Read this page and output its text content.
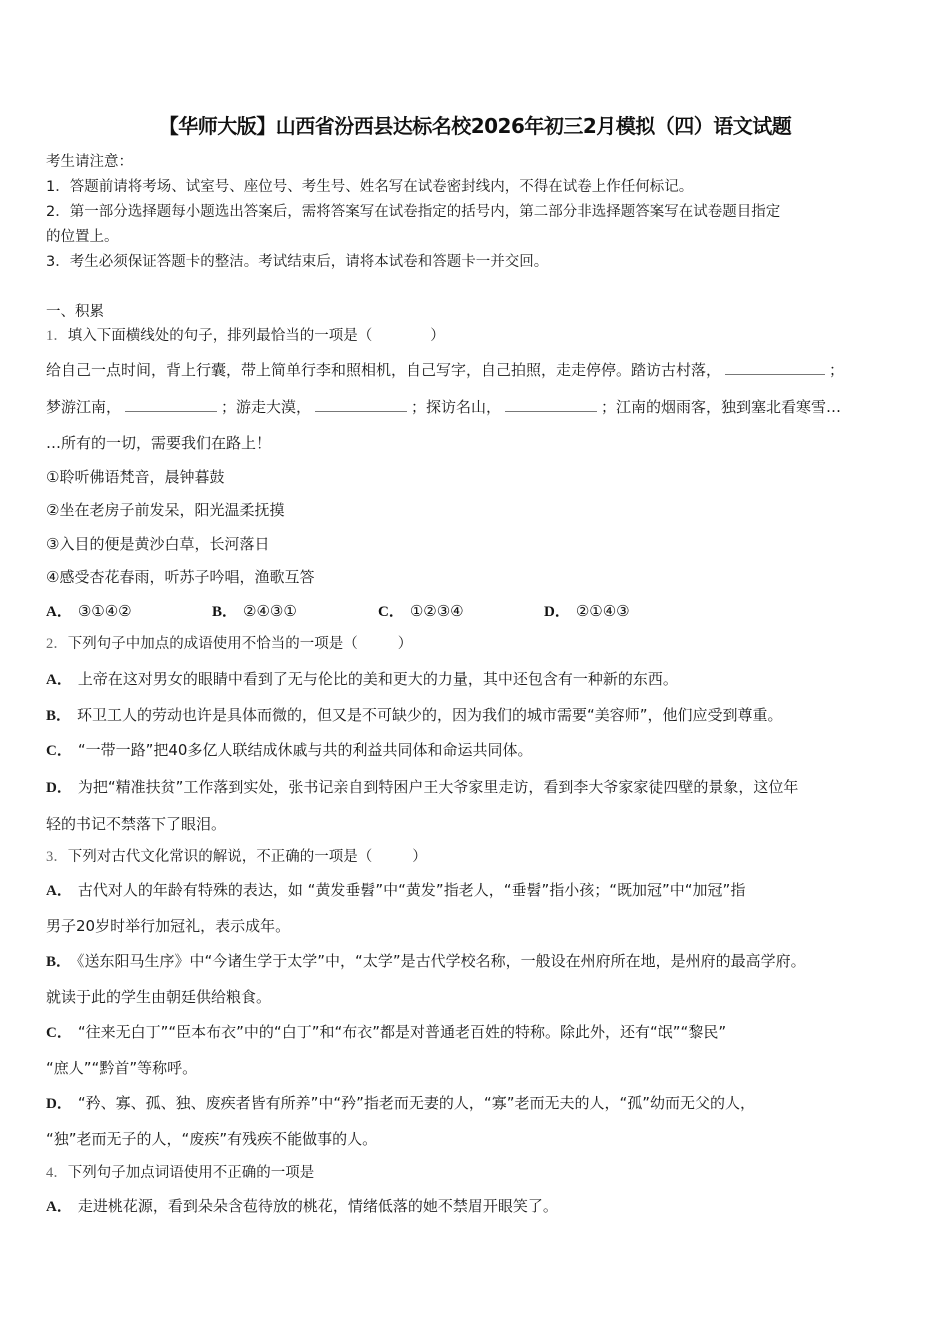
【华师大版】山西省汾西县达标名校2026年初三2月模拟（四）语文试题
考生请注意：
1．答题前请将考场、试室号、座位号、考生号、姓名写在试卷密封线内，不得在试卷上作任何标记。
2．第一部分选择题每小题选出答案后，需将答案写在试卷指定的括号内，第二部分非选择题答案写在试卷题目指定
的位置上。
3．考生必须保证答题卡的整洁。考试结束后，请将本试卷和答题卡一并交回。
一、积累
1．填入下面横线处的句子，排列最恰当的一项是（	）
给自己一点时间，背上行囊，带上简单行李和照相机，自己写字，自己拍照，走走停停。踏访古村落，	；
梦游江南，	；游走大漠，	；探访名山，	；江南的烟雨客，独到塞北看寒雪…
…所有的一切，需要我们在路上！
①聆听佛语梵音，晨钟暮鼓
②坐在老房子前发呆，阳光温柔抚摸
③入目的便是黄沙白草，长河落日
④感受杏花春雨，听苏子吟唱，渔歌互答
A． ③①④②	B． ②④③①	C． ①②③④	D． ②①④③
2．下列句子中加点的成语使用不恰当的一项是（	）
A． 上帝在这对男女的眼睛中看到了无与伦比的美和更大的力量，其中还包含有一种新的东西。
B． 环卫工人的劳动也许是具体而微的，但又是不可缺少的，因为我们的城市需要“美容师”，他们应受到尊重。
C． “一带一路”把40多亿人联结成休戚与共的利益共同体和命运共同体。
D． 为把“精准扶贫”工作落到实处，张书记亲自到特困户王大爷家里走访，看到李大爷家家徒四壁的景象，这位年
轻的书记不禁落下了眼泪。
3．下列对古代文化常识的解说，不正确的一项是（	）
A． 古代对人的年龄有特殊的表达，如 “黄发垂髫”中“黄发”指老人，“垂髫”指小孩；“既加冠”中“加冠”指
男子20岁时举行加冠礼，表示成年。
B． 《送东阳马生序》中“今诸生学于太学”中，“太学”是古代学校名称，一般设在州府所在地，是州府的最高学府。
就读于此的学生由朝廷供给粮食。
C． “往来无白丁”“臣本布衣”中的“白丁”和“布衣”都是对普通老百姓的特称。除此外，还有“氓”“黎民”
“庶人”“黔首”等称呼。
D． “矜、寡、孤、独、废疾者皆有所养”中“矜”指老而无妻的人，“寡”老而无夫的人，“孤”幼而无父的人，
“独”老而无子的人，“废疾”有残疾不能做事的人。
4．下列句子加点词语使用不正确的一项是
A． 走进桃花源，看到朵朵含苞待放的桃花，情绪低落的她不禁眉开眼笑了。
